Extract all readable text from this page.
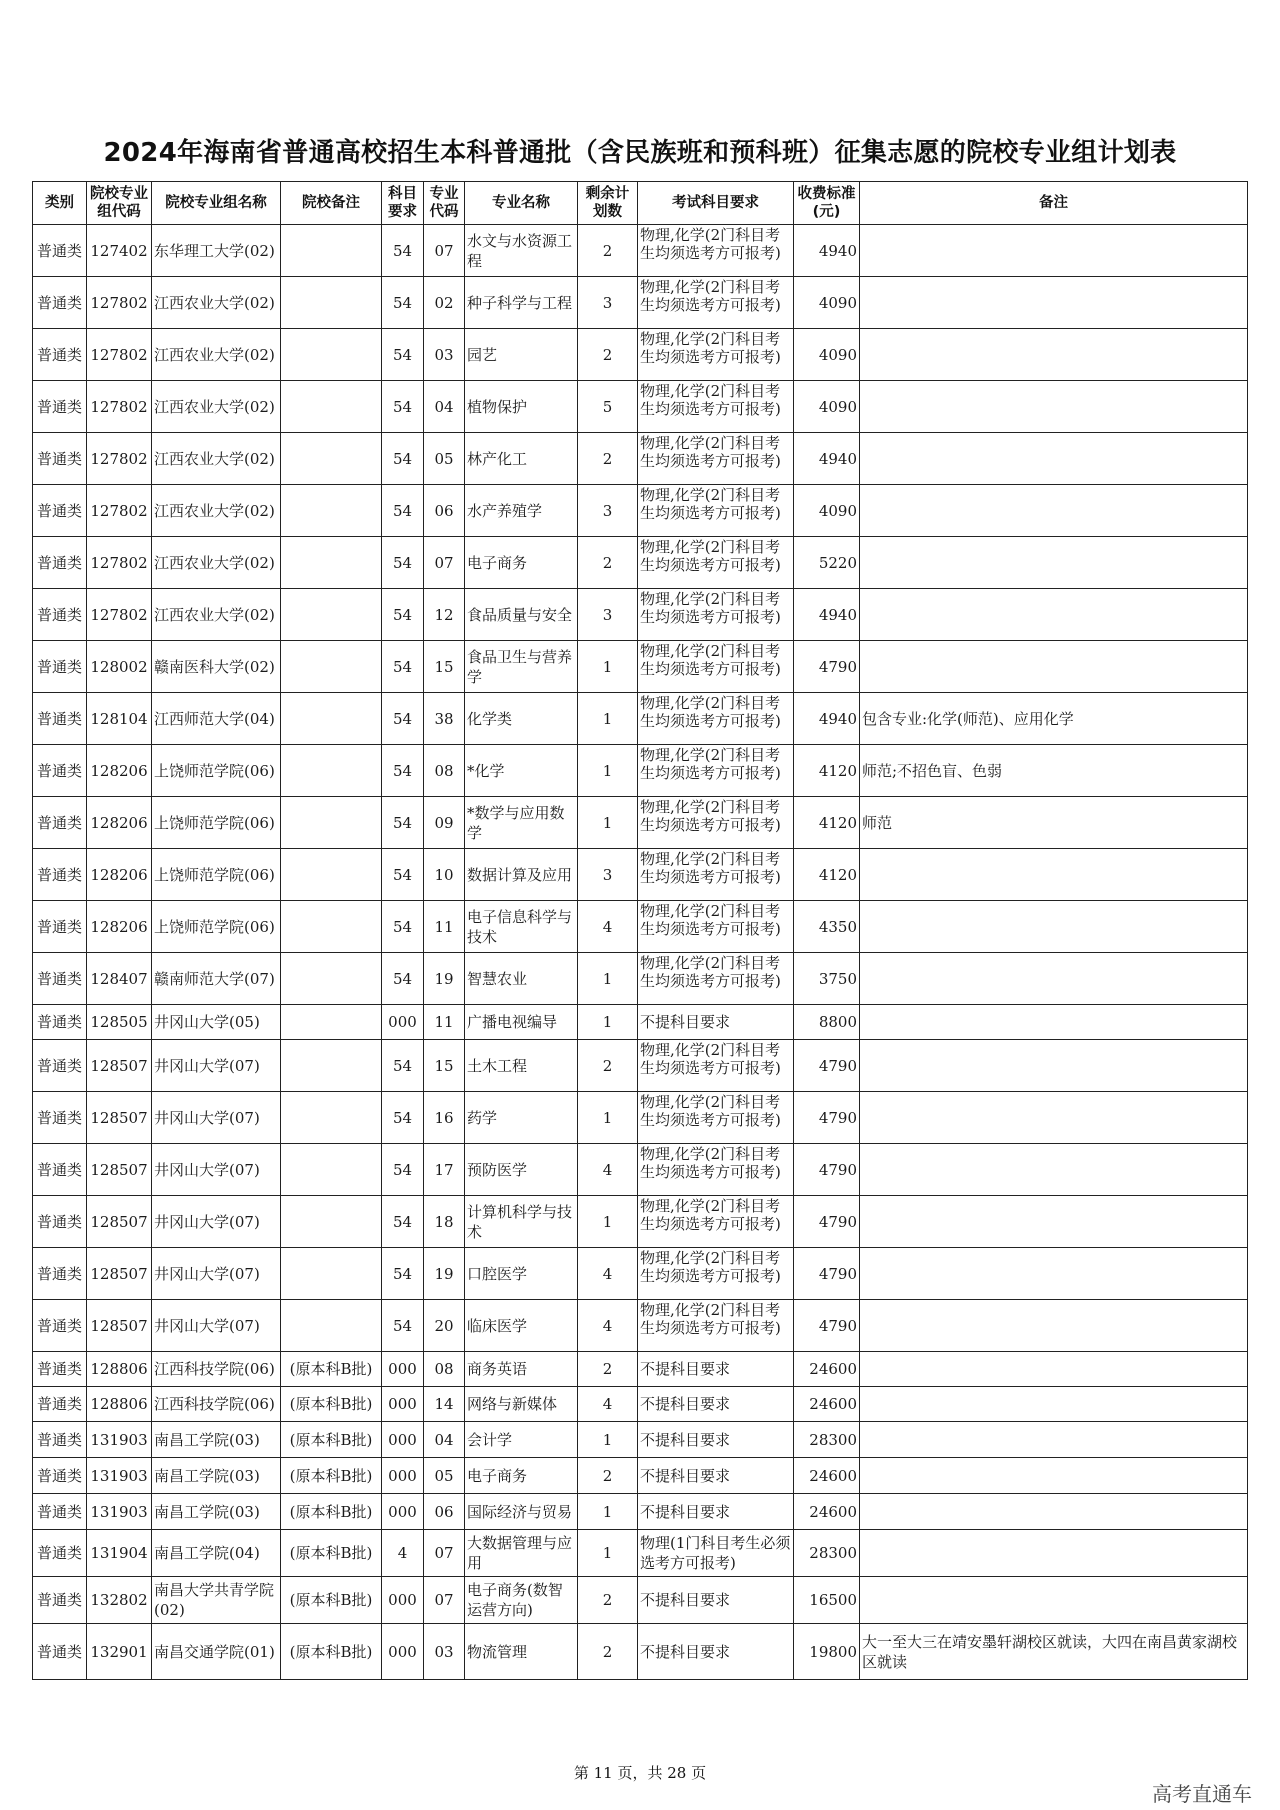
2024年海南省普通高校招生本科普通批（含民族班和预科班）征集志愿的院校专业组计划表
类别	院校专业组代码	院校专业组名称	院校备注	科目要求	专业代码	专业名称	剩余计划数	考试科目要求	收费标准(元)	备注
普通类	127402	东华理工大学(02)		54	07	水文与水资源工程	2	物理,化学(2门科目考生均须选考方可报考)	4940	
普通类	127802	江西农业大学(02)		54	02	种子科学与工程	3	物理,化学(2门科目考生均须选考方可报考)	4090	
普通类	127802	江西农业大学(02)		54	03	园艺	2	物理,化学(2门科目考生均须选考方可报考)	4090	
普通类	127802	江西农业大学(02)		54	04	植物保护	5	物理,化学(2门科目考生均须选考方可报考)	4090	
普通类	127802	江西农业大学(02)		54	05	林产化工	2	物理,化学(2门科目考生均须选考方可报考)	4940	
普通类	127802	江西农业大学(02)		54	06	水产养殖学	3	物理,化学(2门科目考生均须选考方可报考)	4090	
普通类	127802	江西农业大学(02)		54	07	电子商务	2	物理,化学(2门科目考生均须选考方可报考)	5220	
普通类	127802	江西农业大学(02)		54	12	食品质量与安全	3	物理,化学(2门科目考生均须选考方可报考)	4940	
普通类	128002	赣南医科大学(02)		54	15	食品卫生与营养学	1	物理,化学(2门科目考生均须选考方可报考)	4790	
普通类	128104	江西师范大学(04)		54	38	化学类	1	物理,化学(2门科目考生均须选考方可报考)	4940	包含专业:化学(师范)、应用化学
普通类	128206	上饶师范学院(06)		54	08	*化学	1	物理,化学(2门科目考生均须选考方可报考)	4120	师范;不招色盲、色弱
普通类	128206	上饶师范学院(06)		54	09	*数学与应用数学	1	物理,化学(2门科目考生均须选考方可报考)	4120	师范
普通类	128206	上饶师范学院(06)		54	10	数据计算及应用	3	物理,化学(2门科目考生均须选考方可报考)	4120	
普通类	128206	上饶师范学院(06)		54	11	电子信息科学与技术	4	物理,化学(2门科目考生均须选考方可报考)	4350	
普通类	128407	赣南师范大学(07)		54	19	智慧农业	1	物理,化学(2门科目考生均须选考方可报考)	3750	
普通类	128505	井冈山大学(05)		000	11	广播电视编导	1	不提科目要求	8800	
普通类	128507	井冈山大学(07)		54	15	土木工程	2	物理,化学(2门科目考生均须选考方可报考)	4790	
普通类	128507	井冈山大学(07)		54	16	药学	1	物理,化学(2门科目考生均须选考方可报考)	4790	
普通类	128507	井冈山大学(07)		54	17	预防医学	4	物理,化学(2门科目考生均须选考方可报考)	4790	
普通类	128507	井冈山大学(07)		54	18	计算机科学与技术	1	物理,化学(2门科目考生均须选考方可报考)	4790	
普通类	128507	井冈山大学(07)		54	19	口腔医学	4	物理,化学(2门科目考生均须选考方可报考)	4790	
普通类	128507	井冈山大学(07)		54	20	临床医学	4	物理,化学(2门科目考生均须选考方可报考)	4790	
普通类	128806	江西科技学院(06)	(原本科B批)	000	08	商务英语	2	不提科目要求	24600	
普通类	128806	江西科技学院(06)	(原本科B批)	000	14	网络与新媒体	4	不提科目要求	24600	
普通类	131903	南昌工学院(03)	(原本科B批)	000	04	会计学	1	不提科目要求	28300	
普通类	131903	南昌工学院(03)	(原本科B批)	000	05	电子商务	2	不提科目要求	24600	
普通类	131903	南昌工学院(03)	(原本科B批)	000	06	国际经济与贸易	1	不提科目要求	24600	
普通类	131904	南昌工学院(04)	(原本科B批)	4	07	大数据管理与应用	1	物理(1门科目考生必须选考方可报考)	28300	
普通类	132802	南昌大学共青学院(02)	(原本科B批)	000	07	电子商务(数智运营方向)	2	不提科目要求	16500	
普通类	132901	南昌交通学院(01)	(原本科B批)	000	03	物流管理	2	不提科目要求	19800	大一至大三在靖安墨轩湖校区就读，大四在南昌黄家湖校区就读
第 11 页，共 28 页
高考直通车
